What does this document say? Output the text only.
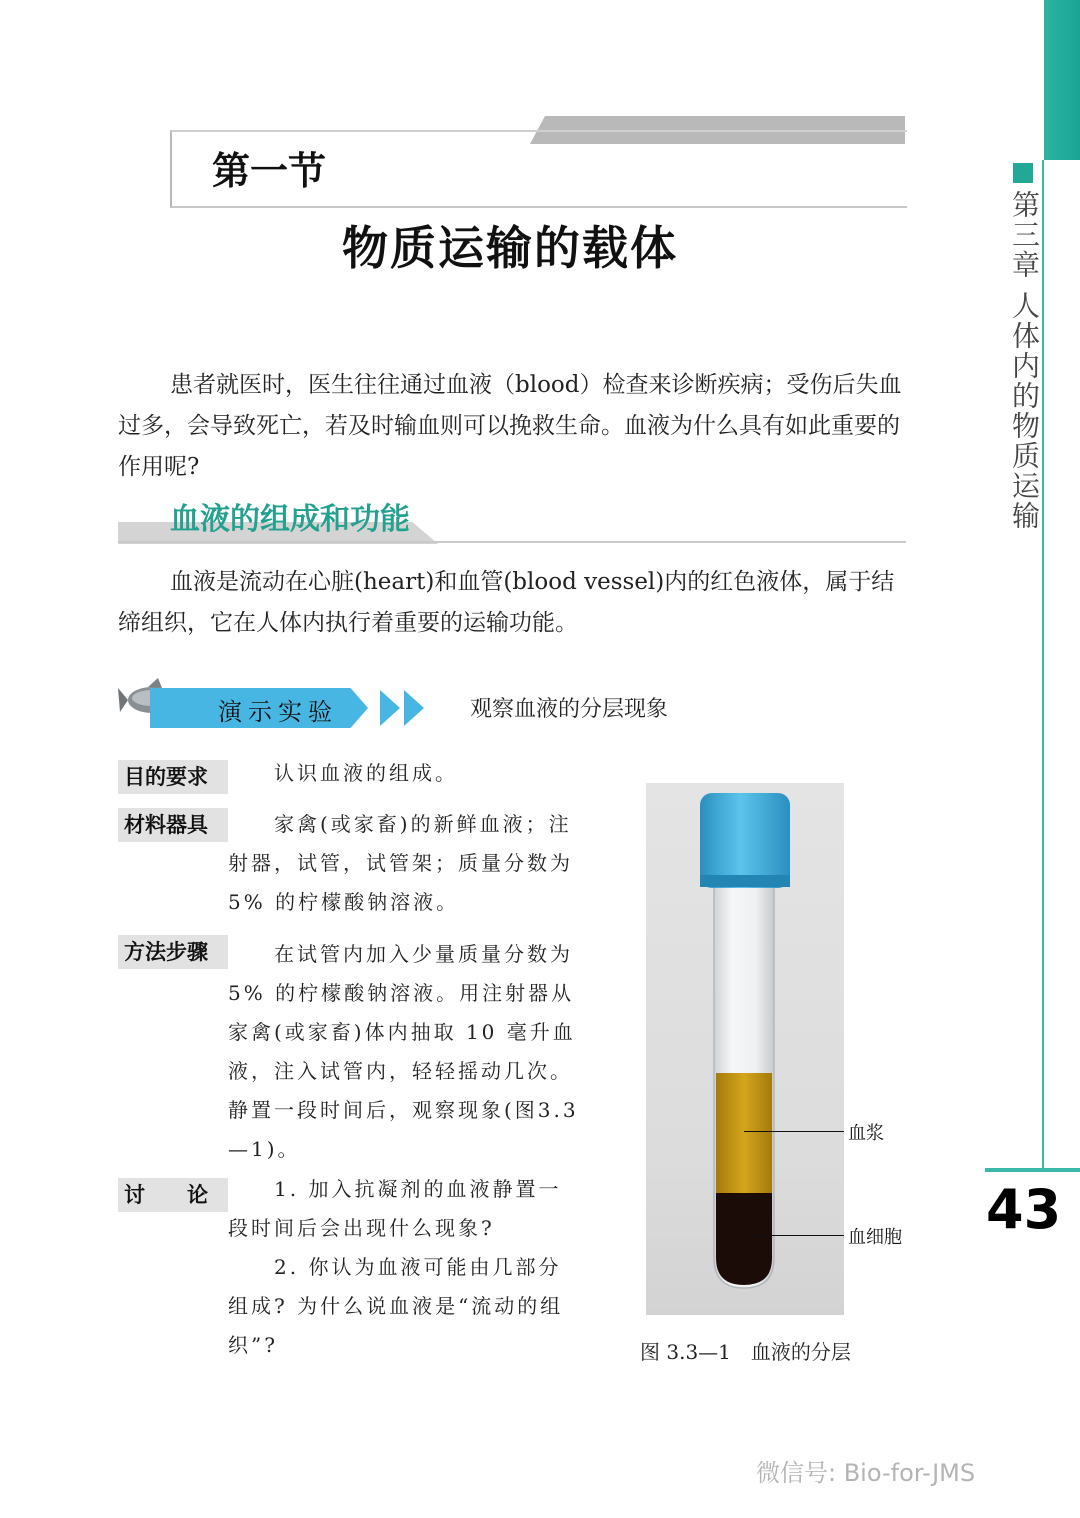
第三章 人体内的物质运输
43
第一节
物质运输的载体

患者就医时，医生往往通过血液（blood）检查来诊断疾病；受伤后失血过多，会导致死亡，若及时输血则可以挽救生命。血液为什么具有如此重要的作用呢?

血液的组成和功能

血液是流动在心脏(heart)和血管(blood vessel)内的红色液体，属于结缔组织，它在人体内执行着重要的运输功能。

演示实验	观察血液的分层现象
目的要求	认识血液的组成。

材料器具	家禽(或家畜)的新鲜血液；注射器，试管，试管架；质量分数为 5% 的柠檬酸钠溶液。

方法步骤	在试管内加入少量质量分数为5% 的柠檬酸钠溶液。用注射器从家禽(或家畜)体内抽取 10 毫升血液，注入试管内，轻轻摇动几次。静置一段时间后，观察现象(图3.3—1)。

讨　　论	1. 加入抗凝剂的血液静置一段时间后会出现什么现象?

2. 你认为血液可能由几部分组成? 为什么说血液是“流动的组织”?

血浆
血细胞
图 3.3—1　血液的分层
微信号: Bio-for-JMS
